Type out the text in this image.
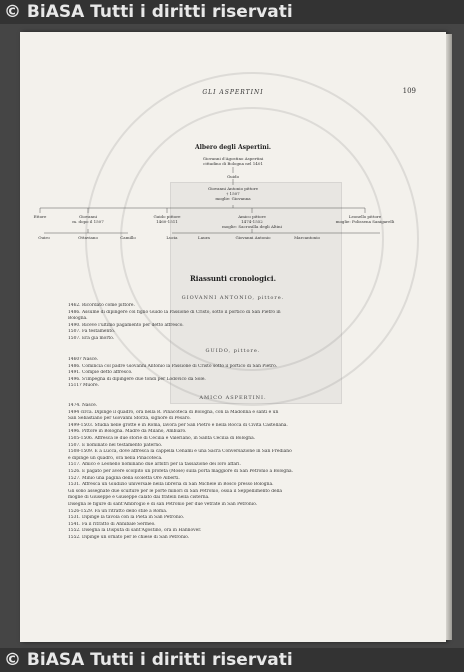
© BiASA Tutti i diritti riservati
GLI ASPERTINI	109
Albero degli Aspertini.
Giovanni d'Agostino Aspertini
cittadino di Bologna nel 1401
Guido
Giovanni Antonio pittore
† 1507
moglie: Giovanna
Ettore	Giovanni
m. dopo il 1507
Guido pittore
1460-1511
Amico pittore
1474-1552
moglie: Sacrosilla degli Altini
Leonello pittore
moglie: Polissena Sanigarelli
Ouiro	Ottaviano	Camillo	Lucia	Laura	Giovanni Antonio	Marcantonio
Riassunti cronologici.
GIOVANNI ANTONIO, pittore.
1462. Ricordato come pittore.
1486. Assume di dipingere col figlio Guido la Passione di Cristo, sotto il portico di San Pietro in
Bologna.
1490. Riceve l'ultimo pagamento per detto affresco.
1507. Fa testamento.
1507. Era già morto.
GUIDO, pittore.
1460? Nasce.
1486. Comincia col padre Giovanni Antonio la Passione di Cristo sotto il portico di San Pietro.
1491. Compie detto affresco.
1496. S'impegna di dipingere due tondi per Lodovico da Sole.
1511? Muore.
AMICO ASPERTINI.
1474. Nasce.
1494 circa. Dipinge il quadro, ora nella R. Pinacoteca di Bologna, con la Madonna e santi e un
San Sebastiano per Giovanni Sforza, signore di Pesaro.
1499-1503. Studia nelle grotte e in Roma, lavora per San Pietro e nella Rocca di Civita Castellana.
1496. Pittore in Bologna. Madre da Milano, Ambiaro.
1505-1506. Affresca le due storie di Cecilia e Valeriano, in Santa Cecilia di Bologna.
1507. E nominato nel testamento paterno.
1508-1509. È a Lucca, dove affresca la cappella Cenami e una Sacra Conversazione in San Frediano
e dipinge un quadro, ora nella Pinacoteca.
1517. Amico e Leonello nominano due arbitri per la tassazione dei loro affari.
1526. È pagato per avere scolpito un profeta (Mosè) sulla porta maggiore di San Petronio a Bologna.
1527. Miniò una pagina della scoletta Ore Alberti.
1531. Affresca un Giudizio universale nella libreria di San Michele in Bosco presso Bologna.
Gli sono assegnate due sculture per le porte minori di San Petronio, ossia il Seppellimento della
moglie di Giuseppe e Giuseppe calato dai fratelli nella cisterna.
Disegna le figure di sant'Ambrogio e di san Petronio per due vetrate in San Petronio.
1526-1529. Fa un ritratto dello stile a Roma.
1531. Dipinge la tavola con la Pietà in San Petronio.
1541. Fa il ritratto di Annibale Sermeo.
1552. Disegna la Disputa di sant'Agostino, ora in Hannover.
1552. Dipinge un ornato per le chiese di San Petronio.
© BiASA Tutti i diritti riservati
